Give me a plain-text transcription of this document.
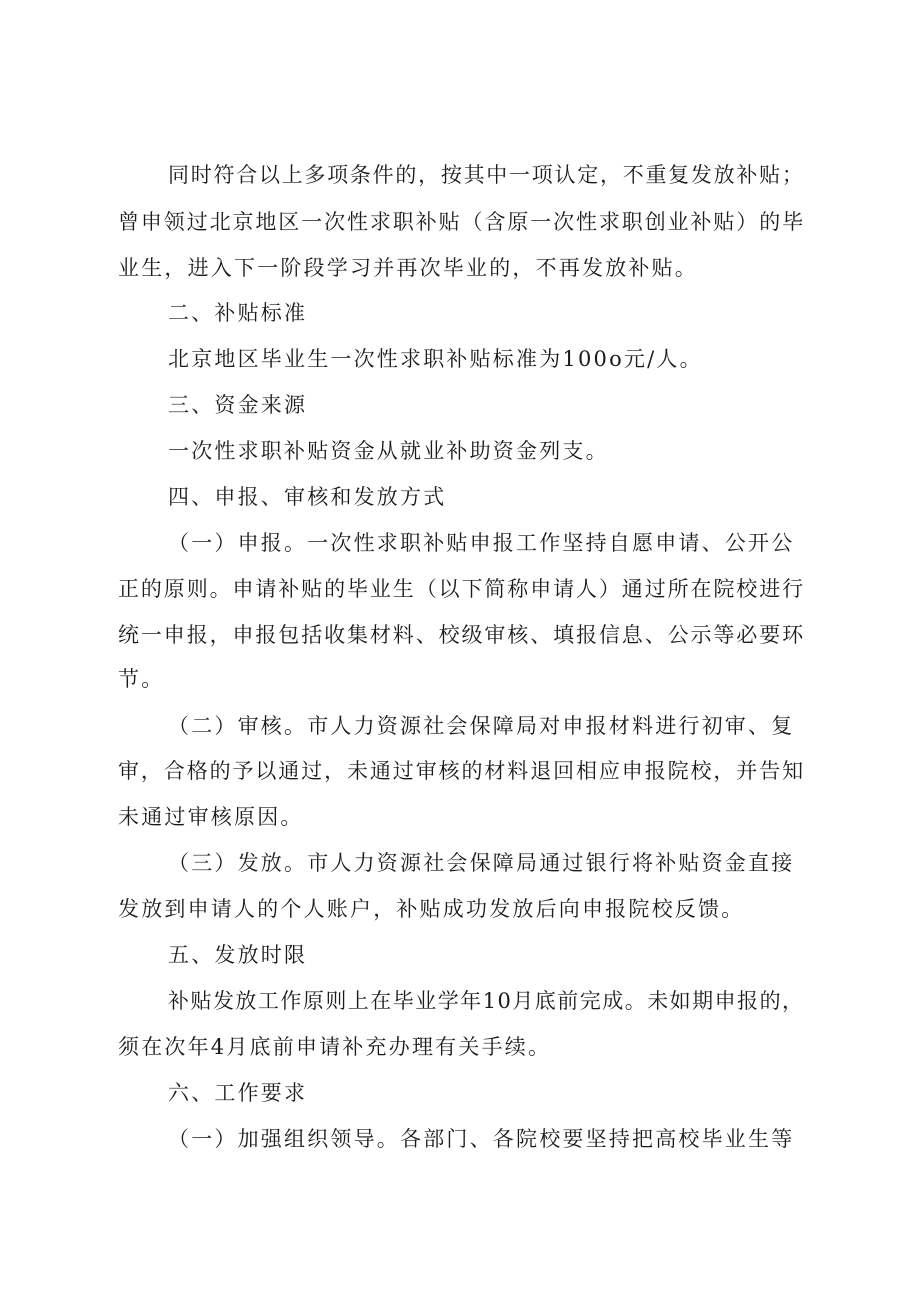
同时符合以上多项条件的，按其中一项认定，不重复发放补贴；
曾申领过北京地区一次性求职补贴（含原一次性求职创业补贴）的毕
业生，进入下一阶段学习并再次毕业的，不再发放补贴。
二、补贴标准
北京地区毕业生一次性求职补贴标准为100o元/人。
三、资金来源
一次性求职补贴资金从就业补助资金列支。
四、申报、审核和发放方式
（一）申报。一次性求职补贴申报工作坚持自愿申请、公开公
正的原则。申请补贴的毕业生（以下简称申请人）通过所在院校进行
统一申报，申报包括收集材料、校级审核、填报信息、公示等必要环
节。
（二）审核。市人力资源社会保障局对申报材料进行初审、复
审，合格的予以通过，未通过审核的材料退回相应申报院校，并告知
未通过审核原因。
（三）发放。市人力资源社会保障局通过银行将补贴资金直接
发放到申请人的个人账户，补贴成功发放后向申报院校反馈。
五、发放时限
补贴发放工作原则上在毕业学年10月底前完成。未如期申报的，
须在次年4月底前申请补充办理有关手续。
六、工作要求
（一）加强组织领导。各部门、各院校要坚持把高校毕业生等
